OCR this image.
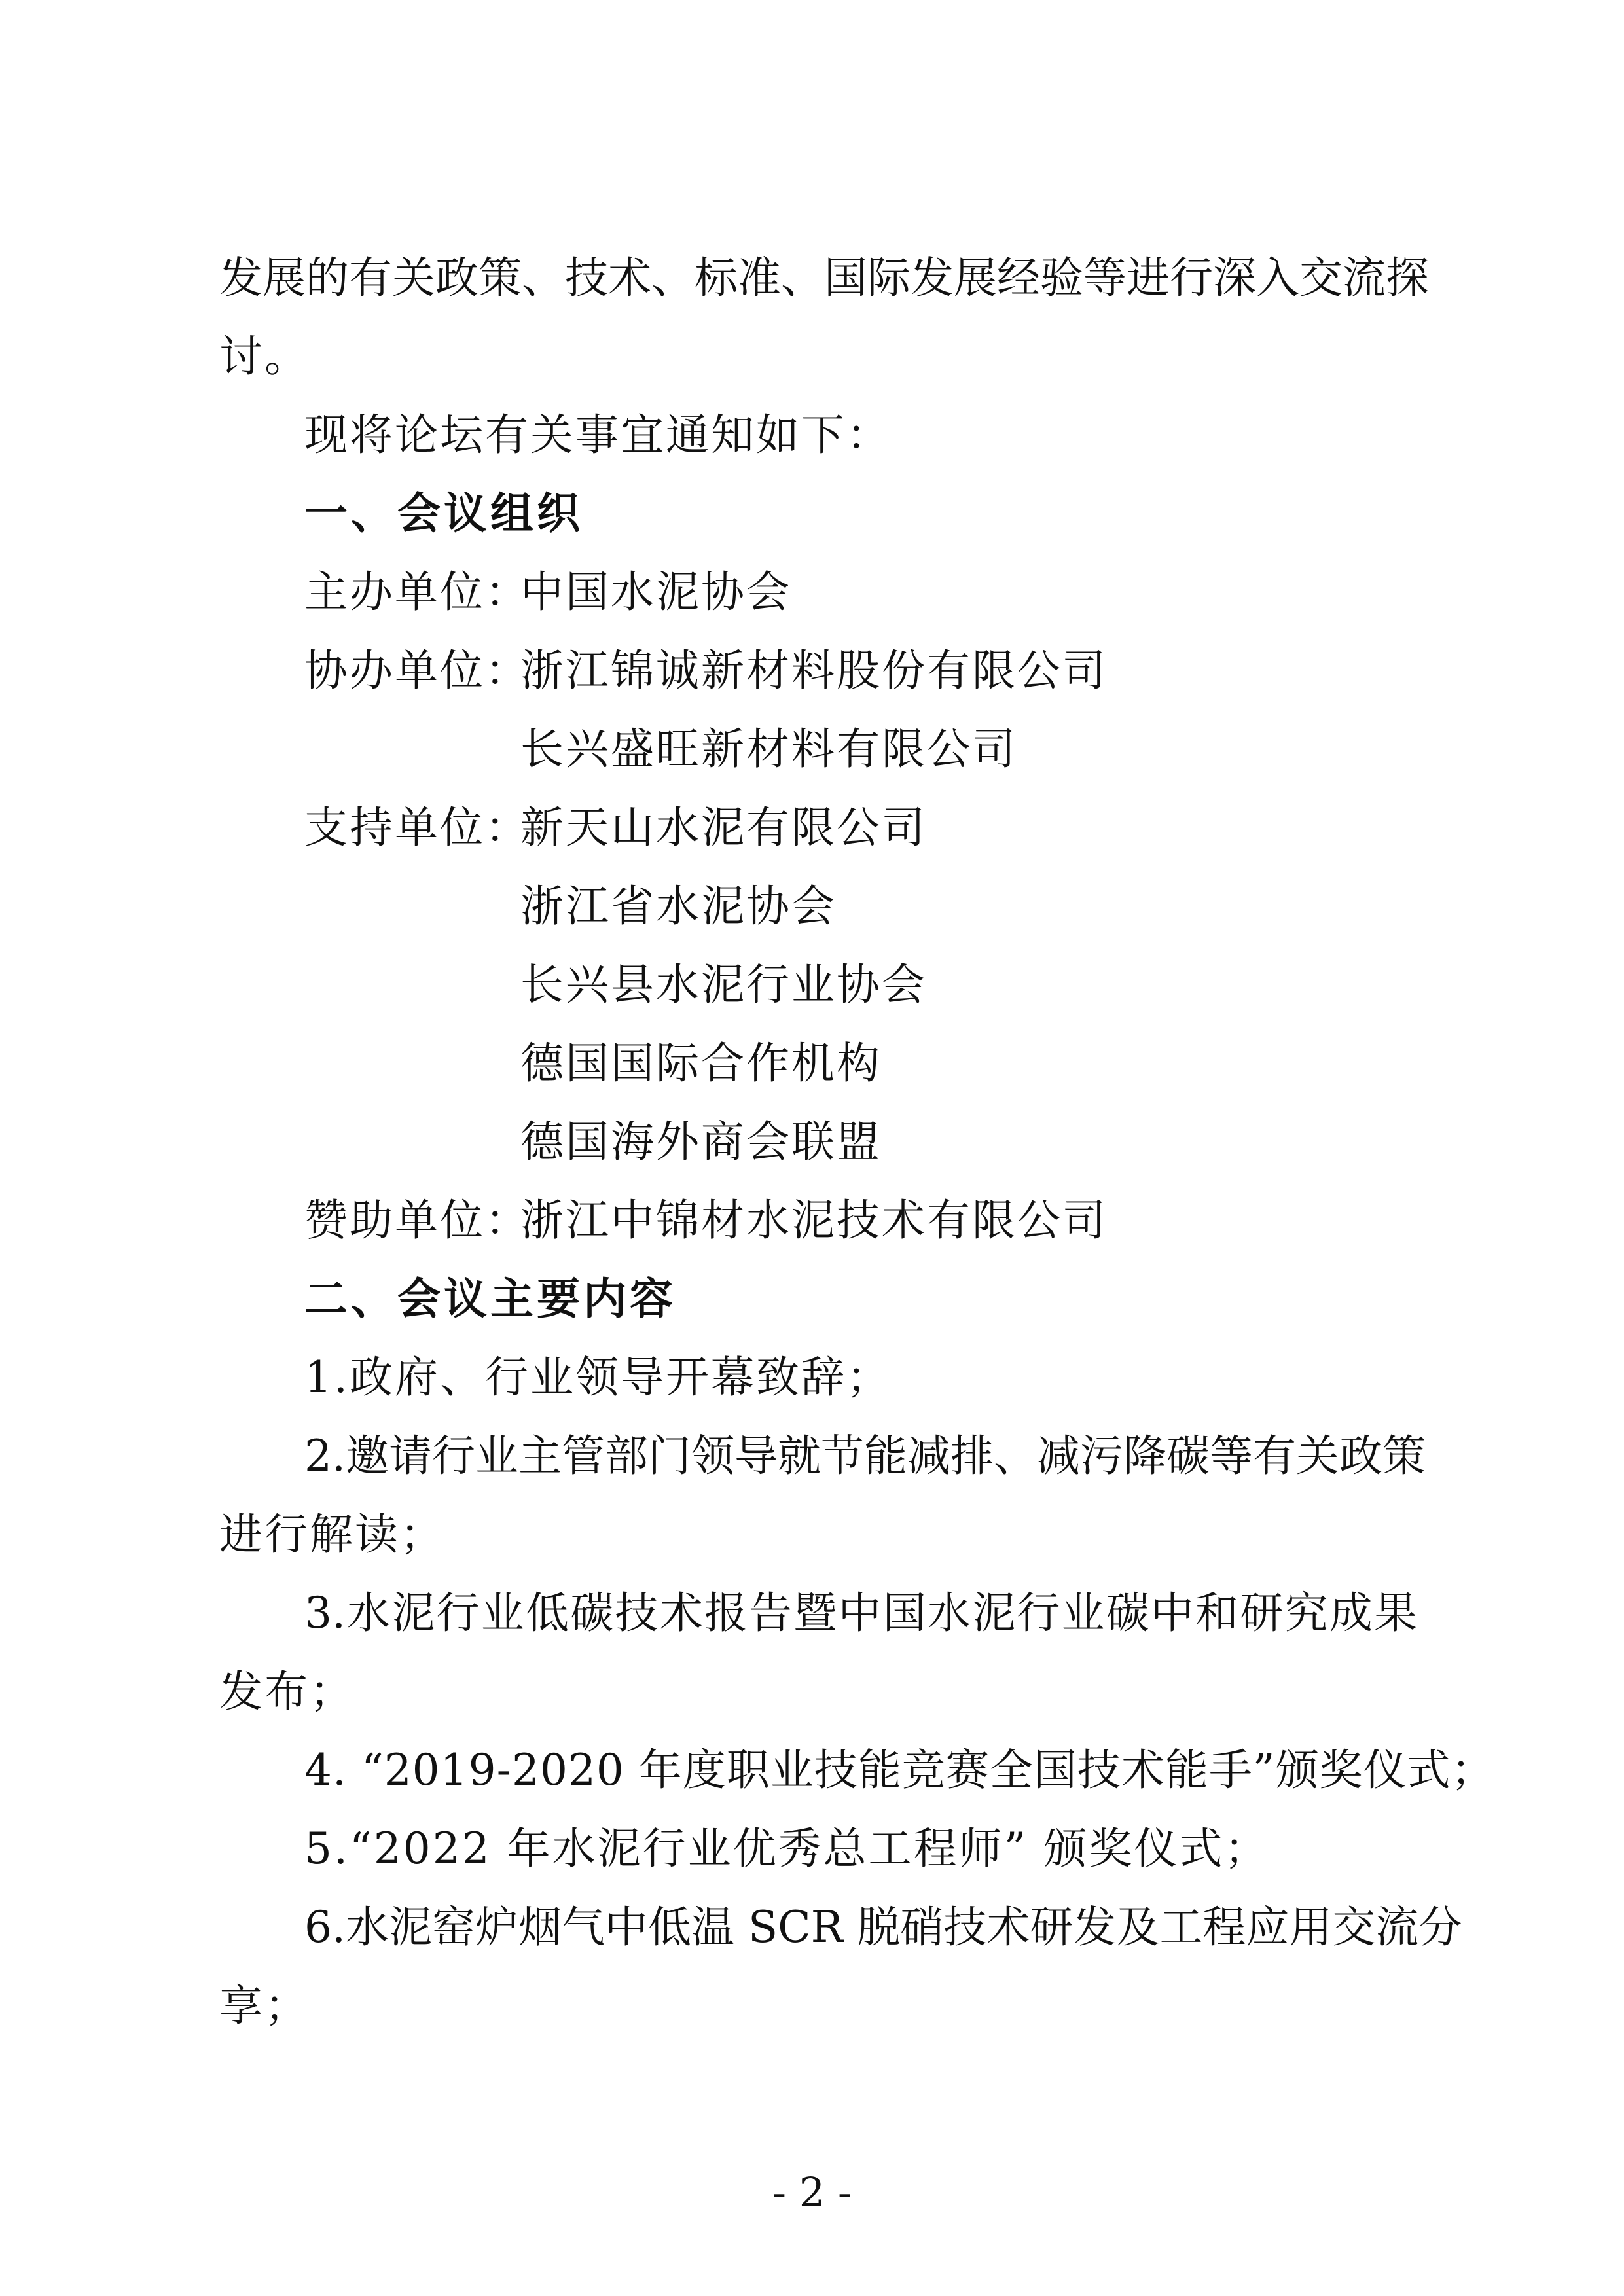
发展的有关政策、技术、标准、国际发展经验等进行深入交流探
讨。
现将论坛有关事宜通知如下：
一、会议组织
主办单位：
中国水泥协会
协办单位：
浙江锦诚新材料股份有限公司
长兴盛旺新材料有限公司
支持单位：
新天山水泥有限公司
浙江省水泥协会
长兴县水泥行业协会
德国国际合作机构
德国海外商会联盟
赞助单位：
浙江中锦材水泥技术有限公司
二、会议主要内容
1.政府、行业领导开幕致辞；
2.邀请行业主管部门领导就节能减排、减污降碳等有关政策
进行解读；
3.水泥行业低碳技术报告暨中国水泥行业碳中和研究成果
发布；
4. “2019-2020 年度职业技能竞赛全国技术能手”颁奖仪式；
5.“2022 年水泥行业优秀总工程师” 颁奖仪式；
6.水泥窑炉烟气中低温 SCR 脱硝技术研发及工程应用交流分
享；
- 2 -
